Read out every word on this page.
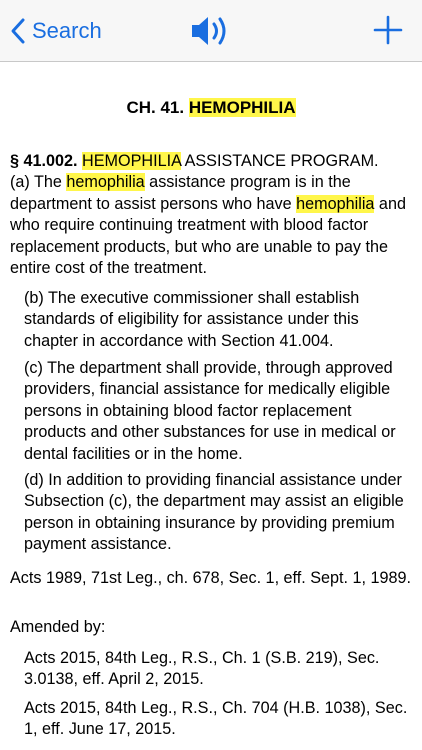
Search
CH. 41. HEMOPHILIA

§ 41.002. HEMOPHILIA ASSISTANCE PROGRAM.
(a) The hemophilia assistance program is in the department to assist persons who have hemophilia and who require continuing treatment with blood factor replacement products, but who are unable to pay the entire cost of the treatment.

(b) The executive commissioner shall establish standards of eligibility for assistance under this chapter in accordance with Section 41.004.

(c) The department shall provide, through approved providers, financial assistance for medically eligible persons in obtaining blood factor replacement products and other substances for use in medical or dental facilities or in the home.

(d) In addition to providing financial assistance under Subsection (c), the department may assist an eligible person in obtaining insurance by providing premium payment assistance.

Acts 1989, 71st Leg., ch. 678, Sec. 1, eff. Sept. 1, 1989.

Amended by:

Acts 2015, 84th Leg., R.S., Ch. 1 (S.B. 219), Sec. 3.0138, eff. April 2, 2015.

Acts 2015, 84th Leg., R.S., Ch. 704 (H.B. 1038), Sec. 1, eff. June 17, 2015.
